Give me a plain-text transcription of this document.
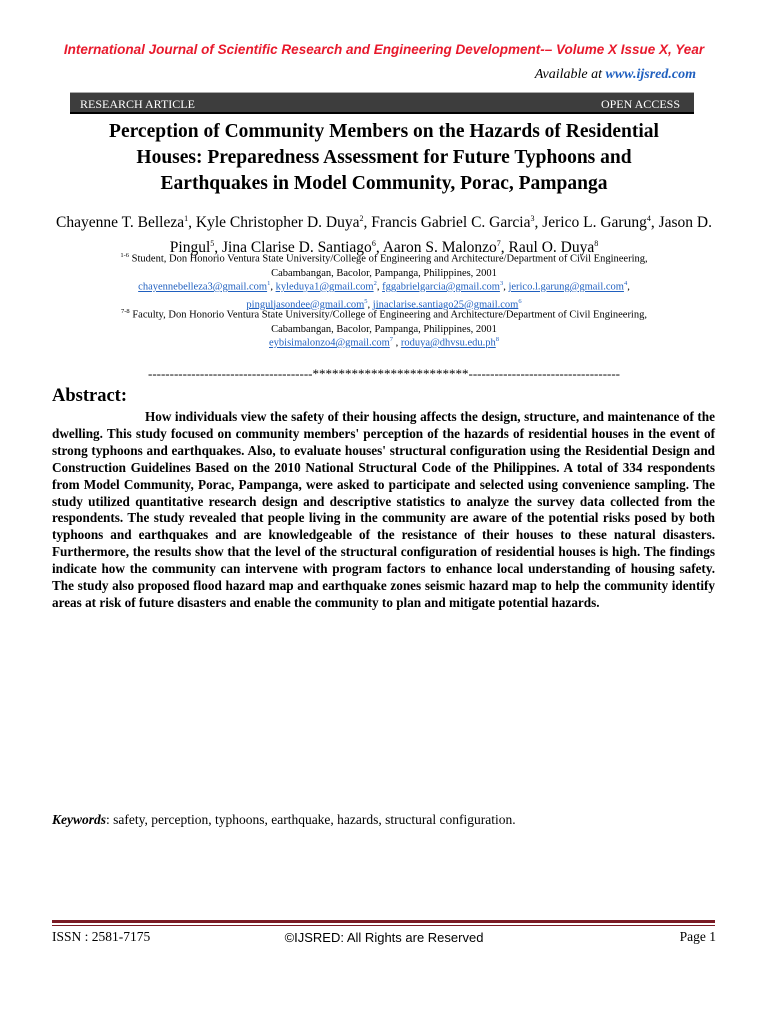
International Journal of Scientific Research and Engineering Development-– Volume X Issue X, Year
Available at www.ijsred.com
RESEARCH ARTICLE	OPEN ACCESS
Perception of Community Members on the Hazards of Residential
Houses: Preparedness Assessment for Future Typhoons and
Earthquakes in Model Community, Porac, Pampanga
Chayenne T. Belleza$^1$, Kyle Christopher D. Duya$^2$, Francis Gabriel C. Garcia$^3$, Jerico L. Garung$^4$, Jason D. Pingul$^5$, Jina Clarise D. Santiago$^6$, Aaron S. Malonzo$^7$, Raul O. Duya$^8$
$^{1-6}$ Student, Don Honorio Ventura State University/College of Engineering and Architecture/Department of Civil Engineering,
Cabambangan, Bacolor, Pampanga, Philippines, 2001
chayennebelleza3@gmail.com$^1$, kyleduya1@gmail.com$^2$, fggabrielgarcia@gmail.com$^3$, jerico.l.garung@gmail.com$^4$,
pinguljasondee@gmail.com$^5$, jinaclarise.santiago25@gmail.com$^6$
$^{7-8}$ Faculty, Don Honorio Ventura State University/College of Engineering and Architecture/Department of Civil Engineering,
Cabambangan, Bacolor, Pampanga, Philippines, 2001
eybisimalonzo4@gmail.com$^7$ , $roduya@dhvsu.edu.ph^8$
--------------------------------------************************-----------------------------------
Abstract:
How individuals view the safety of their housing affects the design, structure, and maintenance of the dwelling. This study focused on community members' perception of the hazards of residential houses in the event of strong typhoons and earthquakes. Also, to evaluate houses' structural configuration using the Residential Design and Construction Guidelines Based on the 2010 National Structural Code of the Philippines. A total of 334 respondents from Model Community, Porac, Pampanga, were asked to participate and selected using convenience sampling. The study utilized quantitative research design and descriptive statistics to analyze the survey data collected from the respondents. The study revealed that people living in the community are aware of the potential risks posed by both typhoons and earthquakes and are knowledgeable of the resistance of their houses to these natural disasters. Furthermore, the results show that the level of the structural configuration of residential houses is high. The findings indicate how the community can intervene with program factors to enhance local understanding of housing safety. The study also proposed flood hazard map and earthquake zones seismic hazard map to help the community identify areas at risk of future disasters and enable the community to plan and mitigate potential hazards.
Keywords: safety, perception, typhoons, earthquake, hazards, structural configuration.
ISSN : 2581-7175	©IJSRED: All Rights are Reserved	Page 1
